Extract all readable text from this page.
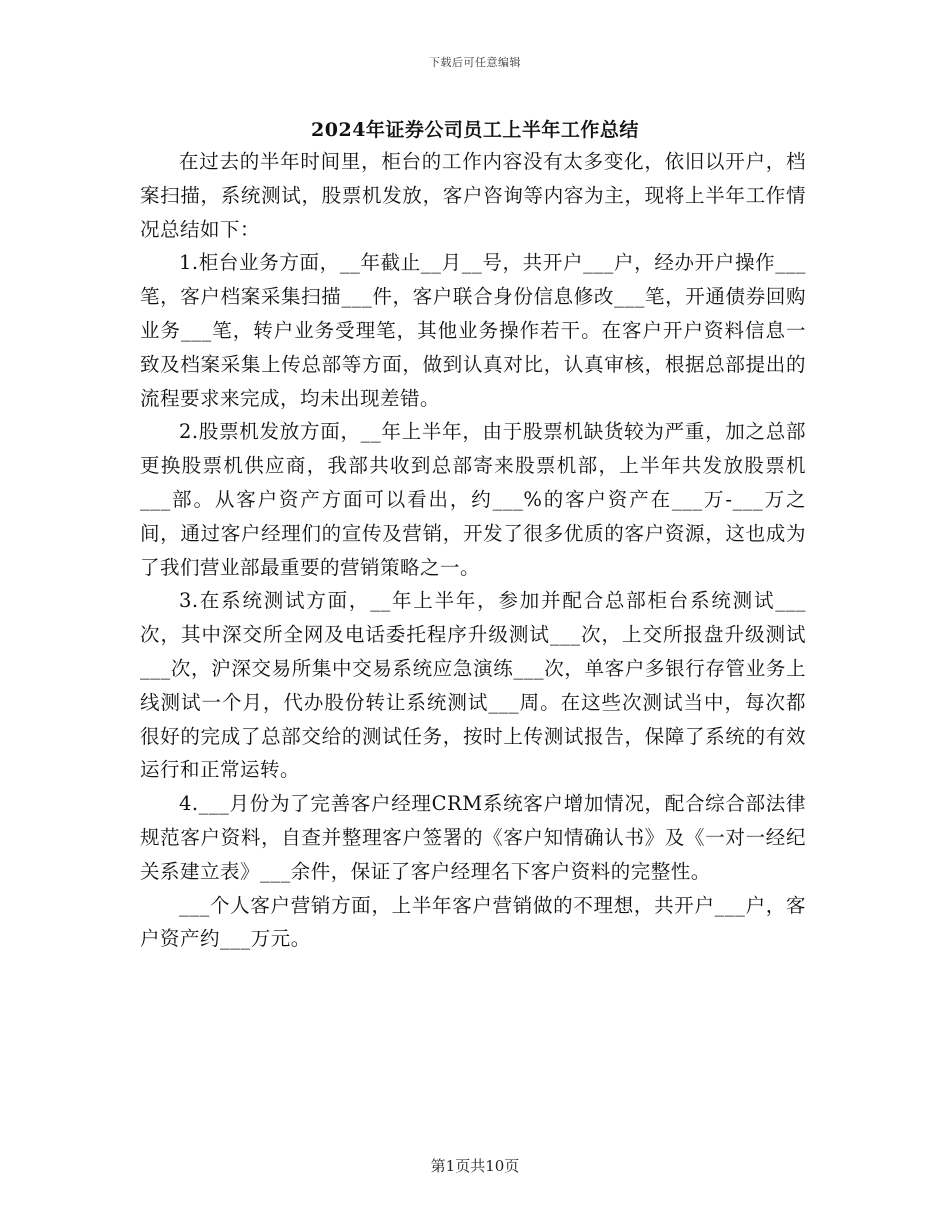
下载后可任意编辑
2024年证券公司员工上半年工作总结

在过去的半年时间里，柜台的工作内容没有太多变化，依旧以开户，档案扫描，系统测试，股票机发放，客户咨询等内容为主，现将上半年工作情况总结如下：

1.柜台业务方面，__年截止__月__号，共开户___户，经办开户操作___笔，客户档案采集扫描___件，客户联合身份信息修改___笔，开通债券回购业务___笔，转户业务受理笔，其他业务操作若干。在客户开户资料信息一致及档案采集上传总部等方面，做到认真对比，认真审核，根据总部提出的流程要求来完成，均未出现差错。

2.股票机发放方面，__年上半年，由于股票机缺货较为严重，加之总部更换股票机供应商，我部共收到总部寄来股票机部，上半年共发放股票机___部。从客户资产方面可以看出，约___%的客户资产在___万-___万之间，通过客户经理们的宣传及营销，开发了很多优质的客户资源，这也成为了我们营业部最重要的营销策略之一。

3.在系统测试方面，__年上半年，参加并配合总部柜台系统测试___次，其中深交所全网及电话委托程序升级测试___次，上交所报盘升级测试___次，沪深交易所集中交易系统应急演练___次，单客户多银行存管业务上线测试一个月，代办股份转让系统测试___周。在这些次测试当中，每次都很好的完成了总部交给的测试任务，按时上传测试报告，保障了系统的有效运行和正常运转。

4.___月份为了完善客户经理CRM系统客户增加情况，配合综合部法律规范客户资料，自查并整理客户签署的《客户知情确认书》及《一对一经纪关系建立表》___余件，保证了客户经理名下客户资料的完整性。

___个人客户营销方面，上半年客户营销做的不理想，共开户___户，客户资产约___万元。

第1页共10页
